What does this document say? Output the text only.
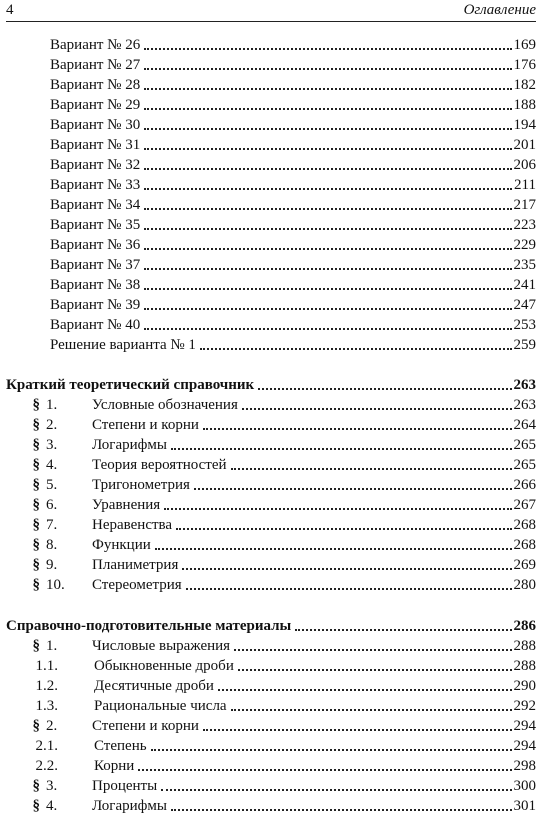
4	Оглавление
Вариант № 26	169
Вариант № 27	176
Вариант № 28	182
Вариант № 29	188
Вариант № 30	194
Вариант № 31	201
Вариант № 32	206
Вариант № 33	211
Вариант № 34	217
Вариант № 35	223
Вариант № 36	229
Вариант № 37	235
Вариант № 38	241
Вариант № 39	247
Вариант № 40	253
Решение варианта № 1	259
Краткий теоретический справочник	263
§ 1.	Условные обозначения	263
§ 2.	Степени и корни	264
§ 3.	Логарифмы	265
§ 4.	Теория вероятностей	265
§ 5.	Тригонометрия	266
§ 6.	Уравнения	267
§ 7.	Неравенства	268
§ 8.	Функции	268
§ 9.	Планиметрия	269
§ 10.	Стереометрия	280
Справочно-подготовительные материалы	286
§ 1.	Числовые выражения	288
1.1. Обыкновенные дроби	288
1.2. Десятичные дроби	290
1.3. Рациональные числа	292
§ 2.	Степени и корни	294
2.1. Степень	294
2.2. Корни	298
§ 3.	Проценты	300
§ 4.	Логарифмы	301
